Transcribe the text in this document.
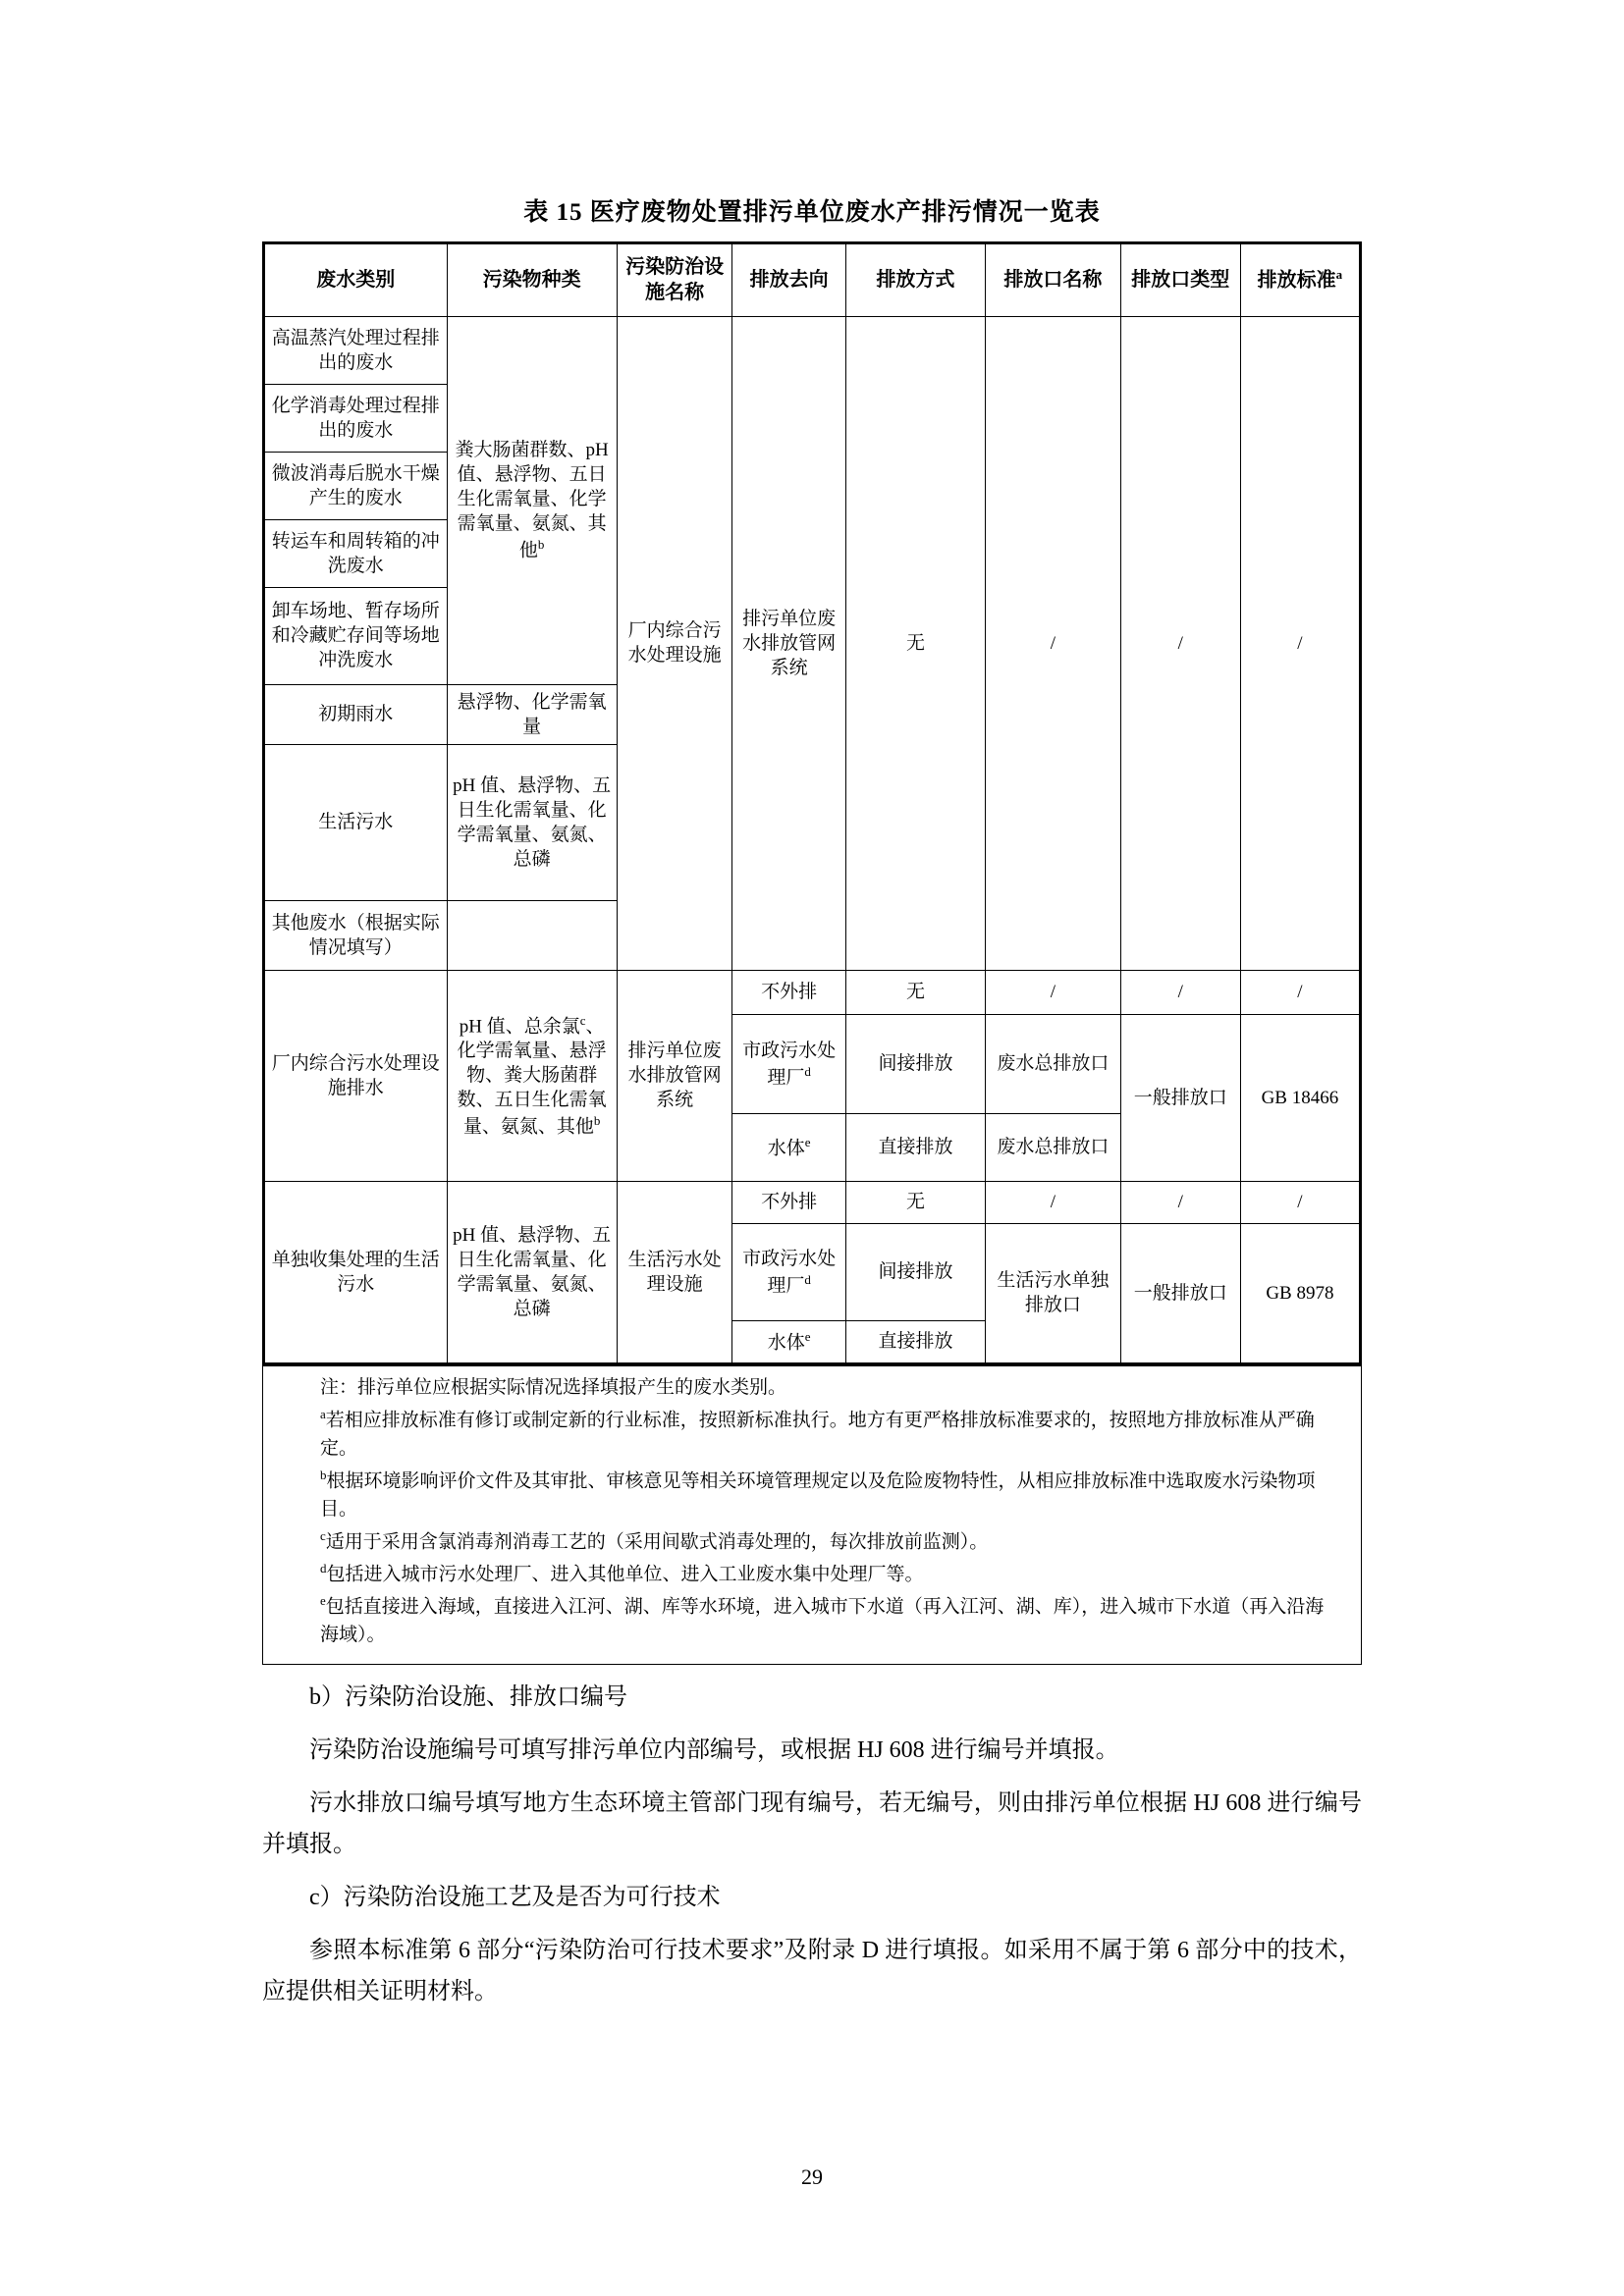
表 15 医疗废物处置排污单位废水产排污情况一览表
废水类别	污染物种类	污染防治设施名称	排放去向	排放方式	排放口名称	排放口类型	排放标准$^a$
高温蒸汽处理过程排出的废水	粪大肠菌群数、pH 值、悬浮物、五日生化需氧量、化学需氧量、氨氮、其他$^b$	厂内综合污水处理设施	排污单位废水排放管网系统	无	/	/	/
化学消毒处理过程排出的废水							
微波消毒后脱水干燥产生的废水							
转运车和周转箱的冲洗废水							
卸车场地、暂存场所和冷藏贮存间等场地冲洗废水							
初期雨水	悬浮物、化学需氧量						
生活污水	pH 值、悬浮物、五日生化需氧量、化学需氧量、氨氮、总磷						
其他废水（根据实际情况填写）							
厂内综合污水处理设施排水	pH 值、总余氯$^c$、化学需氧量、悬浮物、粪大肠菌群数、五日生化需氧量、氨氮、其他$^b$	排污单位废水排放管网系统	不外排	无	/	/	/
			市政污水处理厂$^d$	间接排放	废水总排放口	一般排放口	GB 18466
			水体$^e$	直接排放	废水总排放口		
单独收集处理的生活污水	pH 值、悬浮物、五日生化需氧量、化学需氧量、氨氮、总磷	生活污水处理设施	不外排	无	/	/	/
			市政污水处理厂$^d$	间接排放	生活污水单独排放口	一般排放口	GB 8978
			水体$^e$	直接排放			
注：排污单位应根据实际情况选择填报产生的废水类别。
$^a$若相应排放标准有修订或制定新的行业标准，按照新标准执行。地方有更严格排放标准要求的，按照地方排放标准从严确定。
$^b$根据环境影响评价文件及其审批、审核意见等相关环境管理规定以及危险废物特性，从相应排放标准中选取废水污染物项目。
$^c$适用于采用含氯消毒剂消毒工艺的（采用间歇式消毒处理的，每次排放前监测）。
$^d$包括进入城市污水处理厂、进入其他单位、进入工业废水集中处理厂等。
$^e$包括直接进入海域，直接进入江河、湖、库等水环境，进入城市下水道（再入江河、湖、库），进入城市下水道（再入沿海海域）。

b）污染防治设施、排放口编号

污染防治设施编号可填写排污单位内部编号，或根据 HJ 608 进行编号并填报。

污水排放口编号填写地方生态环境主管部门现有编号，若无编号，则由排污单位根据 HJ 608 进行编号并填报。

c）污染防治设施工艺及是否为可行技术

参照本标准第 6 部分“污染防治可行技术要求”及附录 D 进行填报。如采用不属于第 6 部分中的技术，应提供相关证明材料。

29
